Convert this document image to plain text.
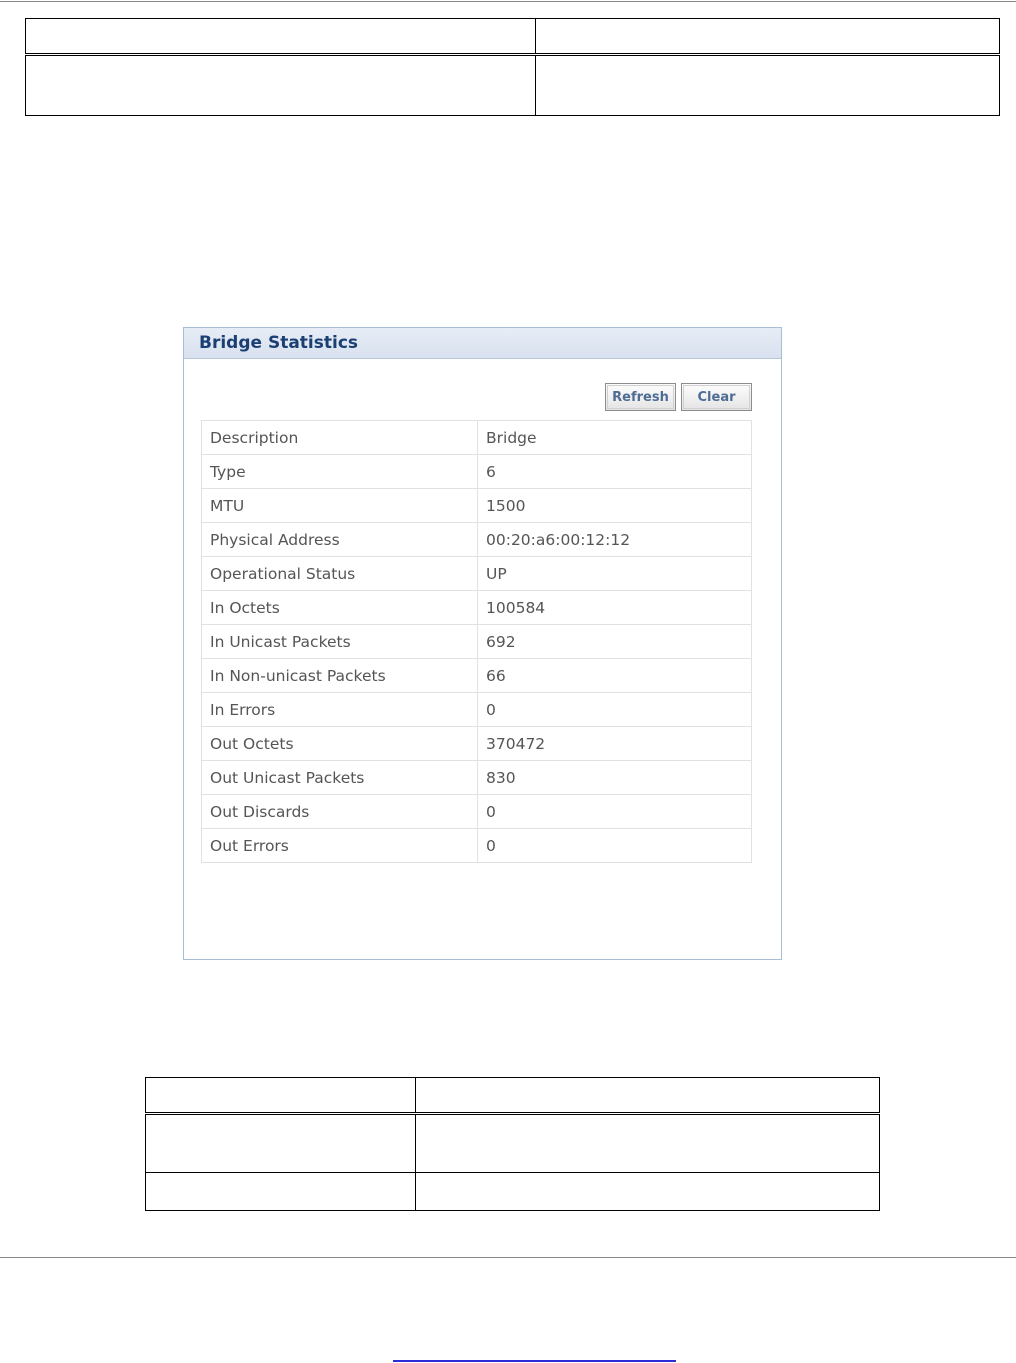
Bridge Statistics
Refresh	Clear
Description	Bridge
Type	6
MTU	1500
Physical Address	00:20:a6:00:12:12
Operational Status	UP
In Octets	100584
In Unicast Packets	692
In Non-unicast Packets	66
In Errors	0
Out Octets	370472
Out Unicast Packets	830
Out Discards	0
Out Errors	0
